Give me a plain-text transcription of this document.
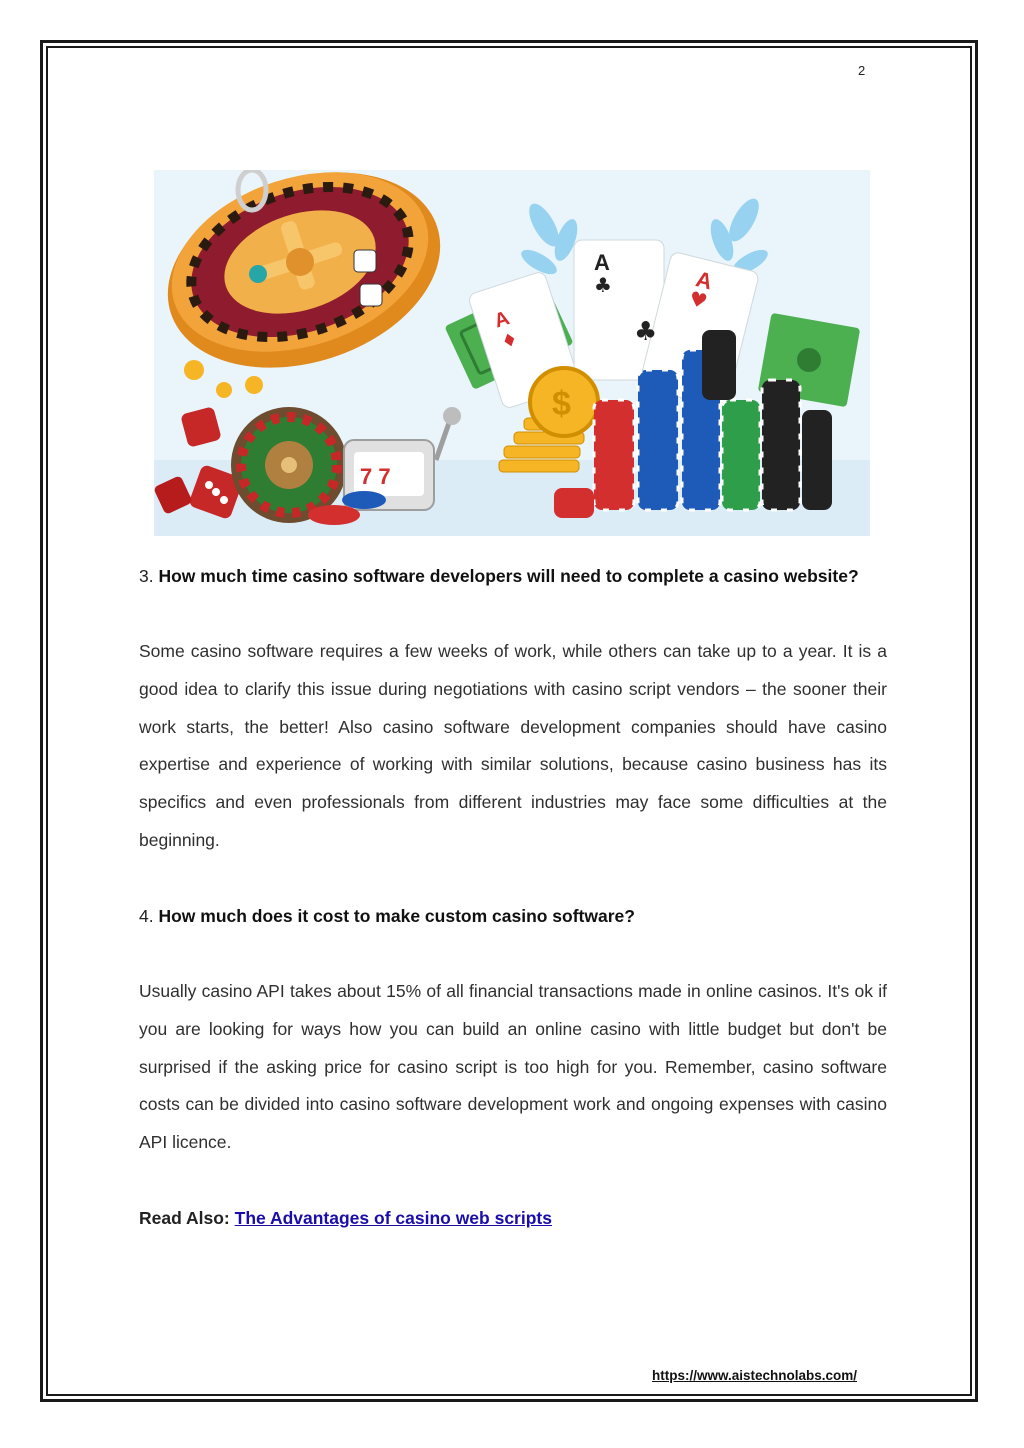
2
A
♣	A
♥
A
♦	♣
7 7
$
3. How much time casino software developers will need to complete a casino website?

Some casino software requires a few weeks of work, while others can take up to a year. It is a good idea to clarify this issue during negotiations with casino script vendors – the sooner their work starts, the better! Also casino software development companies should have casino expertise and experience of working with similar solutions, because casino business has its specifics and even professionals from different industries may face some difficulties at the beginning.

4. How much does it cost to make custom casino software?

Usually casino API takes about 15% of all financial transactions made in online casinos. It's ok if you are looking for ways how you can build an online casino with little budget but don't be surprised if the asking price for casino script is too high for you. Remember, casino software costs can be divided into casino software development work and ongoing expenses with casino API licence.

Read Also: The Advantages of casino web scripts
https://www.aistechnolabs.com/
